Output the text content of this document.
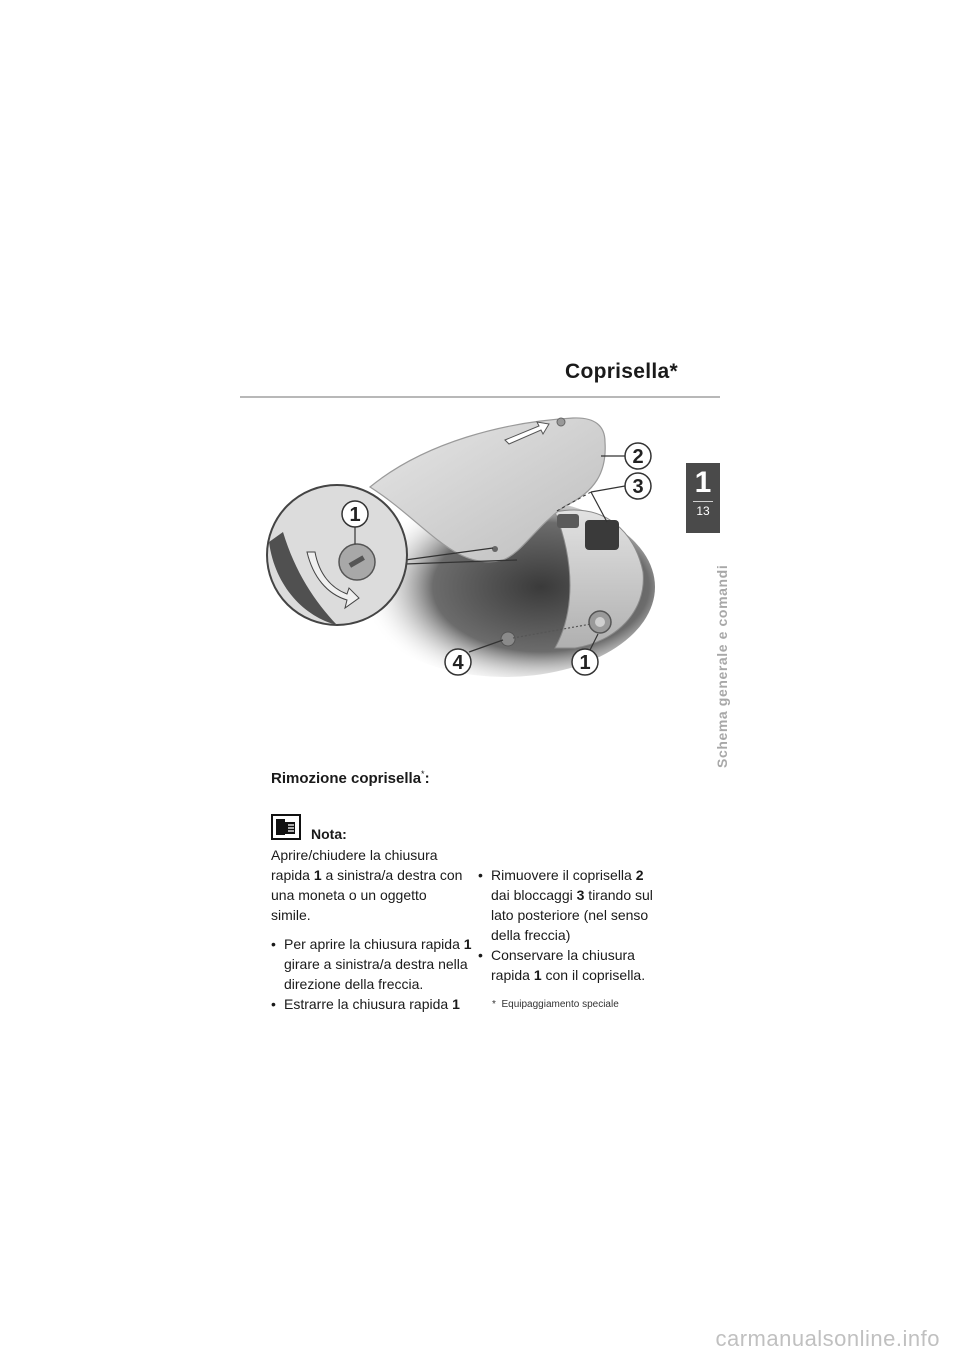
Coprisella*
1
13
Schema generale e comandi
1
2
3
4	1
Rimozione coprisella*:
Nota:

Aprire/chiudere la chiusura

rapida 1 a sinistra/a destra con

una moneta o un oggetto

simile.

• Per aprire la chiusura rapida 1

girare a sinistra/a destra nella

direzione della freccia.

• Estrarre la chiusura rapida 1

• Rimuovere il coprisella 2

dai bloccaggi 3 tirando sul

lato posteriore (nel senso

della freccia)

• Conservare la chiusura

rapida 1 con il coprisella.

* Equipaggiamento speciale

carmanualsonline.info
